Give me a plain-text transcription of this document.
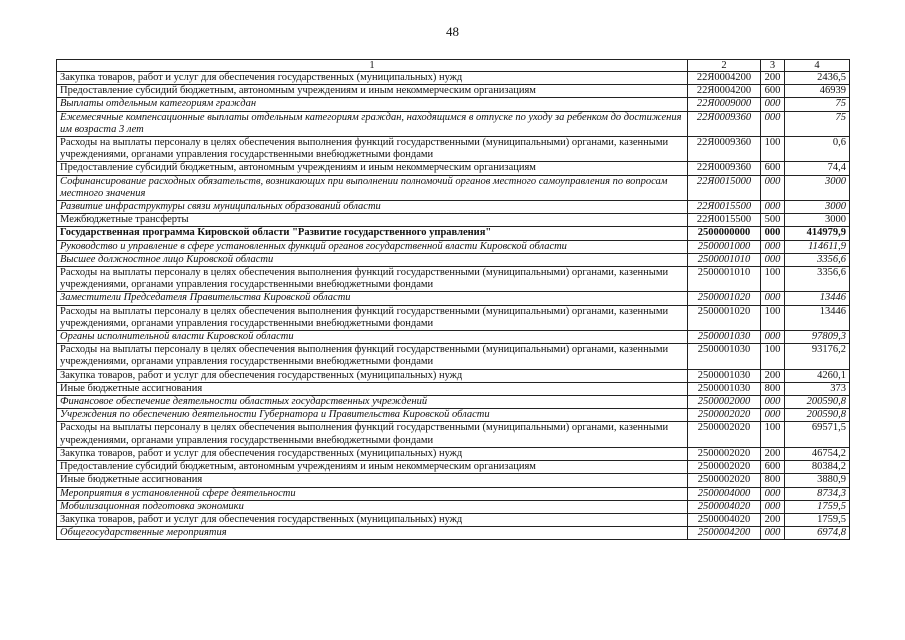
48
1	2	3	4
Закупка товаров, работ и услуг для обеспечения государственных (муниципальных) нужд	22Я0004200	200	2436,5
Предоставление субсидий бюджетным, автономным учреждениям и иным некоммерческим организациям	22Я0004200	600	46939
Выплаты отдельным категориям граждан	22Я0009000	000	75
Ежемесячные компенсационные выплаты отдельным категориям граждан, находящимся в отпуске по уходу за ребенком до достижения им возраста 3 лет	22Я0009360	000	75
Расходы на выплаты персоналу в целях обеспечения выполнения функций государственными (муниципальными) органами, казенными учреждениями, органами управления государственными внебюджетными фондами	22Я0009360	100	0,6
Предоставление субсидий бюджетным, автономным учреждениям и иным некоммерческим организациям	22Я0009360	600	74,4
Софинансирование расходных обязательств, возникающих при выполнении полномочий органов местного самоуправления по вопросам местного значения	22Я0015000	000	3000
Развитие инфраструктуры связи муниципальных образований области	22Я0015500	000	3000
Межбюджетные трансферты	22Я0015500	500	3000
Государственная программа Кировской области "Развитие государственного управления"	2500000000	000	414979,9
Руководство и управление в сфере установленных функций органов государственной власти Кировской области	2500001000	000	114611,9
Высшее должностное лицо Кировской области	2500001010	000	3356,6
Расходы на выплаты персоналу в целях обеспечения выполнения функций государственными (муниципальными) органами, казенными учреждениями, органами управления государственными внебюджетными фондами	2500001010	100	3356,6
Заместители Председателя Правительства Кировской области	2500001020	000	13446
Расходы на выплаты персоналу в целях обеспечения выполнения функций государственными (муниципальными) органами, казенными учреждениями, органами управления государственными внебюджетными фондами	2500001020	100	13446
Органы исполнительной власти Кировской области	2500001030	000	97809,3
Расходы на выплаты персоналу в целях обеспечения выполнения функций государственными (муниципальными) органами, казенными учреждениями, органами управления государственными внебюджетными фондами	2500001030	100	93176,2
Закупка товаров, работ и услуг для обеспечения государственных (муниципальных) нужд	2500001030	200	4260,1
Иные бюджетные ассигнования	2500001030	800	373
Финансовое обеспечение деятельности областных государственных учреждений	2500002000	000	200590,8
Учреждения по обеспечению деятельности Губернатора и Правительства Кировской области	2500002020	000	200590,8
Расходы на выплаты персоналу в целях обеспечения выполнения функций государственными (муниципальными) органами, казенными учреждениями, органами управления государственными внебюджетными фондами	2500002020	100	69571,5
Закупка товаров, работ и услуг для обеспечения государственных (муниципальных) нужд	2500002020	200	46754,2
Предоставление субсидий бюджетным, автономным учреждениям и иным некоммерческим организациям	2500002020	600	80384,2
Иные бюджетные ассигнования	2500002020	800	3880,9
Мероприятия в установленной сфере деятельности	2500004000	000	8734,3
Мобилизационная подготовка экономики	2500004020	000	1759,5
Закупка товаров, работ и услуг для обеспечения государственных (муниципальных) нужд	2500004020	200	1759,5
Общегосударственные мероприятия	2500004200	000	6974,8
